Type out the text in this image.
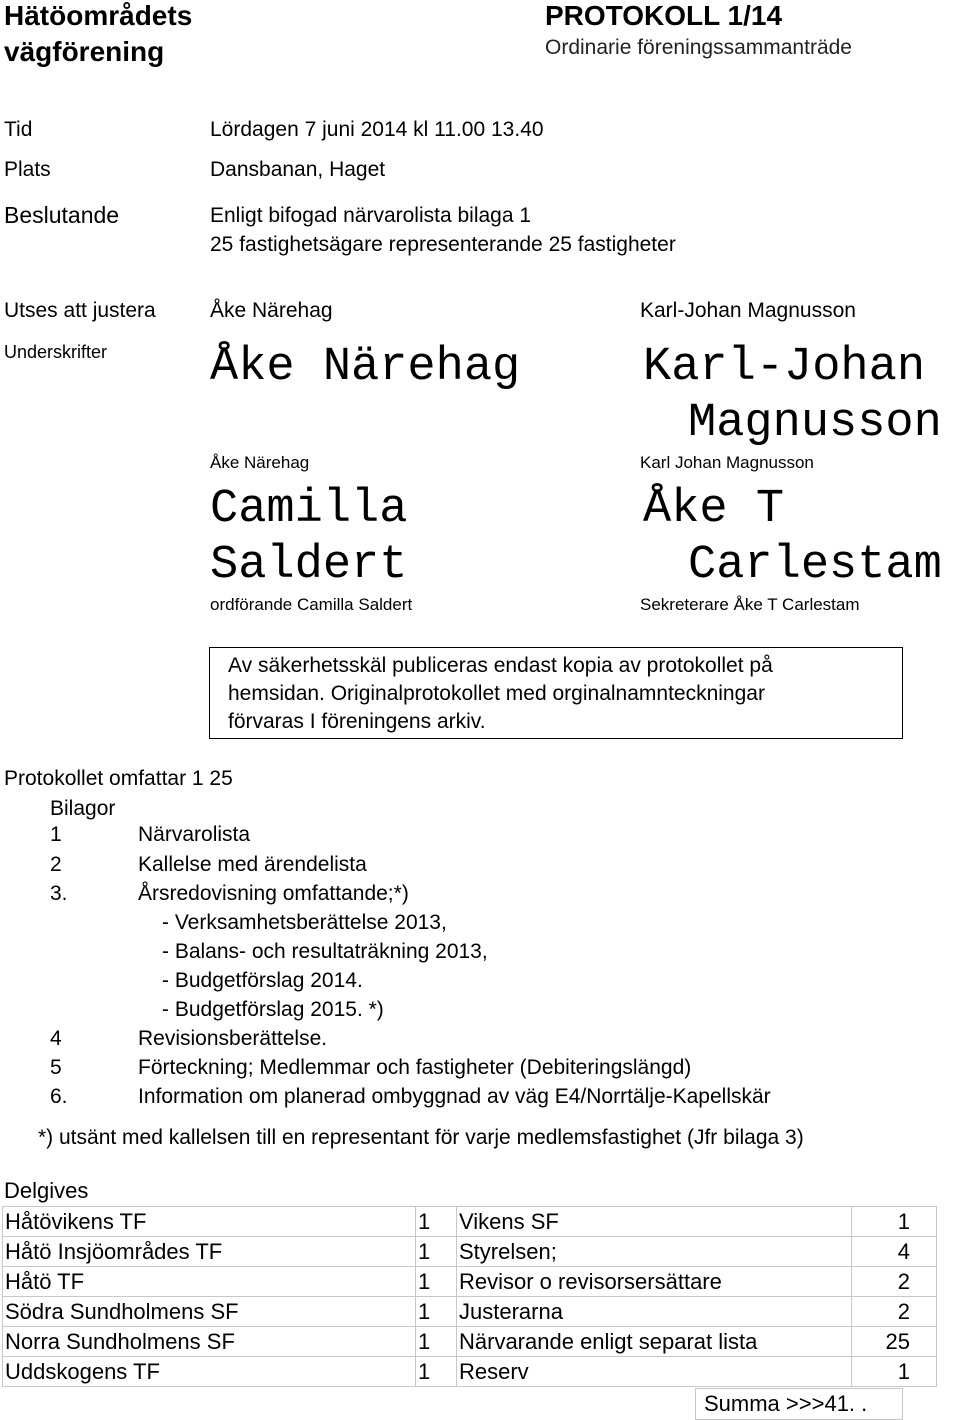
Hätöområdets
vägförening
PROTOKOLL 1/14
Ordinarie föreningssammanträde
Tid	Lördagen 7 juni 2014 kl 11.00 13.40
Plats	Dansbanan, Haget
Beslutande	Enligt bifogad närvarolista bilaga 1
25 fastighetsägare representerande 25 fastigheter
Utses att justera	Åke Närehag	Karl-Johan Magnusson
Underskrifter Åke Närehag
Åke Närehag
Karl-Johan
Magnusson
Karl Johan Magnusson
Camilla
Saldert
ordförande Camilla Saldert
Åke T
Carlestam
Sekreterare Åke T Carlestam
Av säkerhetsskäl publiceras endast kopia av protokollet på
hemsidan. Originalprotokollet med orginalnamnteckningar
förvaras I föreningens arkiv.
Protokollet omfattar 1 25
Bilagor
1	Närvarolista
2	Kallelse med ärendelista
3.	Årsredovisning omfattande;*)
- Verksamhetsberättelse 2013,
- Balans- och resultaträkning 2013,
- Budgetförslag 2014.
- Budgetförslag 2015. *)
4	Revisionsberättelse.
5	Förteckning; Medlemmar och fastigheter (Debiteringslängd)
6.	Information om planerad ombyggnad av väg E4/Norrtälje-Kapellskär
*) utsänt med kallelsen till en representant för varje medlemsfastighet (Jfr bilaga 3)
Delgives
Håtövikens TF	1	Vikens SF	1
Håtö Insjöområdes TF	1	Styrelsen;	4
Håtö TF	1	Revisor o revisorsersättare	2
Södra Sundholmens SF	1	Justerarna	2
Norra Sundholmens SF	1	Närvarande enligt separat lista	25
Uddskogens TF	1	Reserv	1
Summa >>>41. .
